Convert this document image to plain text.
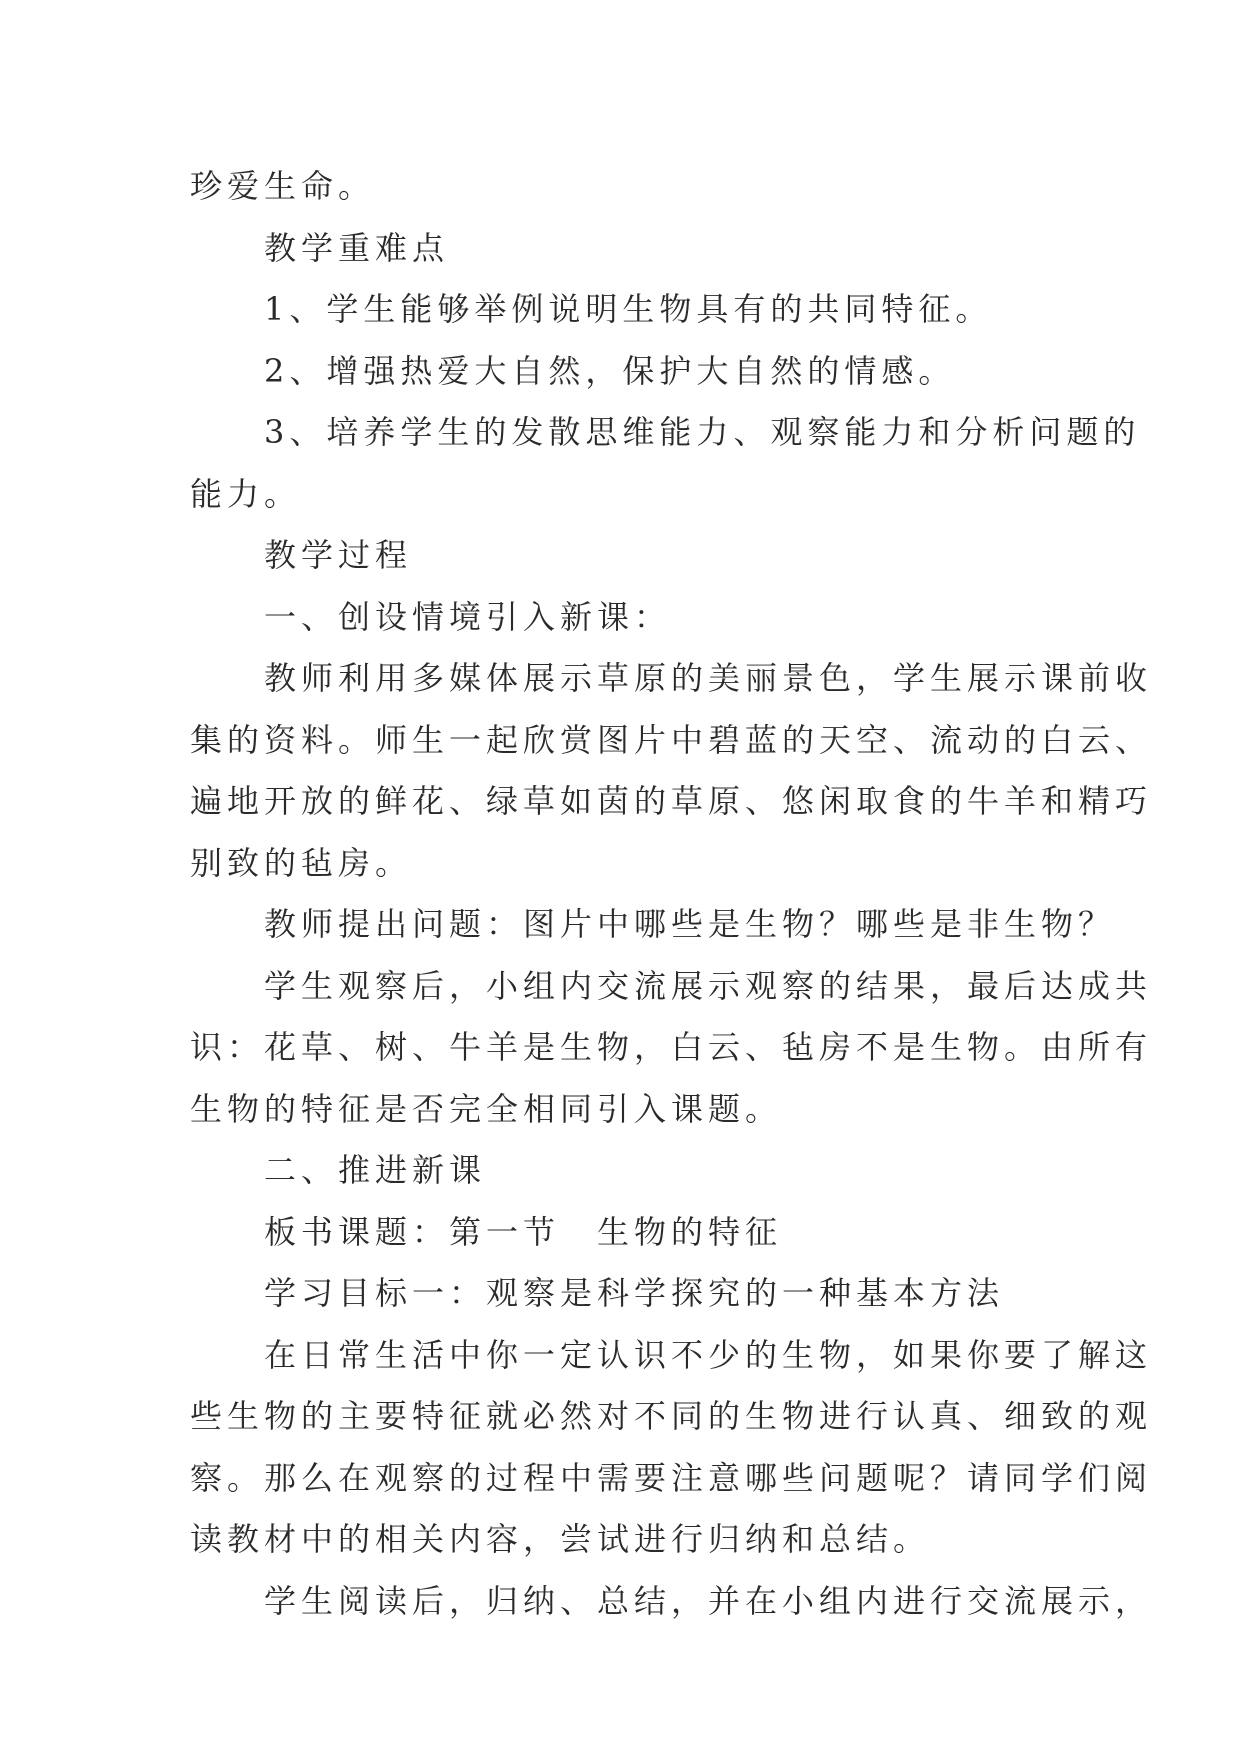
珍爱生命。

　　教学重难点

　　1、学生能够举例说明生物具有的共同特征。

　　2、增强热爱大自然，保护大自然的情感。

　　3、培养学生的发散思维能力、观察能力和分析问题的

能力。

　　教学过程

　　一、创设情境引入新课：

　　教师利用多媒体展示草原的美丽景色，学生展示课前收

集的资料。师生一起欣赏图片中碧蓝的天空、流动的白云、

遍地开放的鲜花、绿草如茵的草原、悠闲取食的牛羊和精巧

别致的毡房。

　　教师提出问题：图片中哪些是生物？哪些是非生物？

　　学生观察后，小组内交流展示观察的结果，最后达成共

识：花草、树、牛羊是生物，白云、毡房不是生物。由所有

生物的特征是否完全相同引入课题。

　　二、推进新课

　　板书课题：第一节　生物的特征

　　学习目标一：观察是科学探究的一种基本方法

　　在日常生活中你一定认识不少的生物，如果你要了解这

些生物的主要特征就必然对不同的生物进行认真、细致的观

察。那么在观察的过程中需要注意哪些问题呢？请同学们阅

读教材中的相关内容，尝试进行归纳和总结。

　　学生阅读后，归纳、总结，并在小组内进行交流展示，
